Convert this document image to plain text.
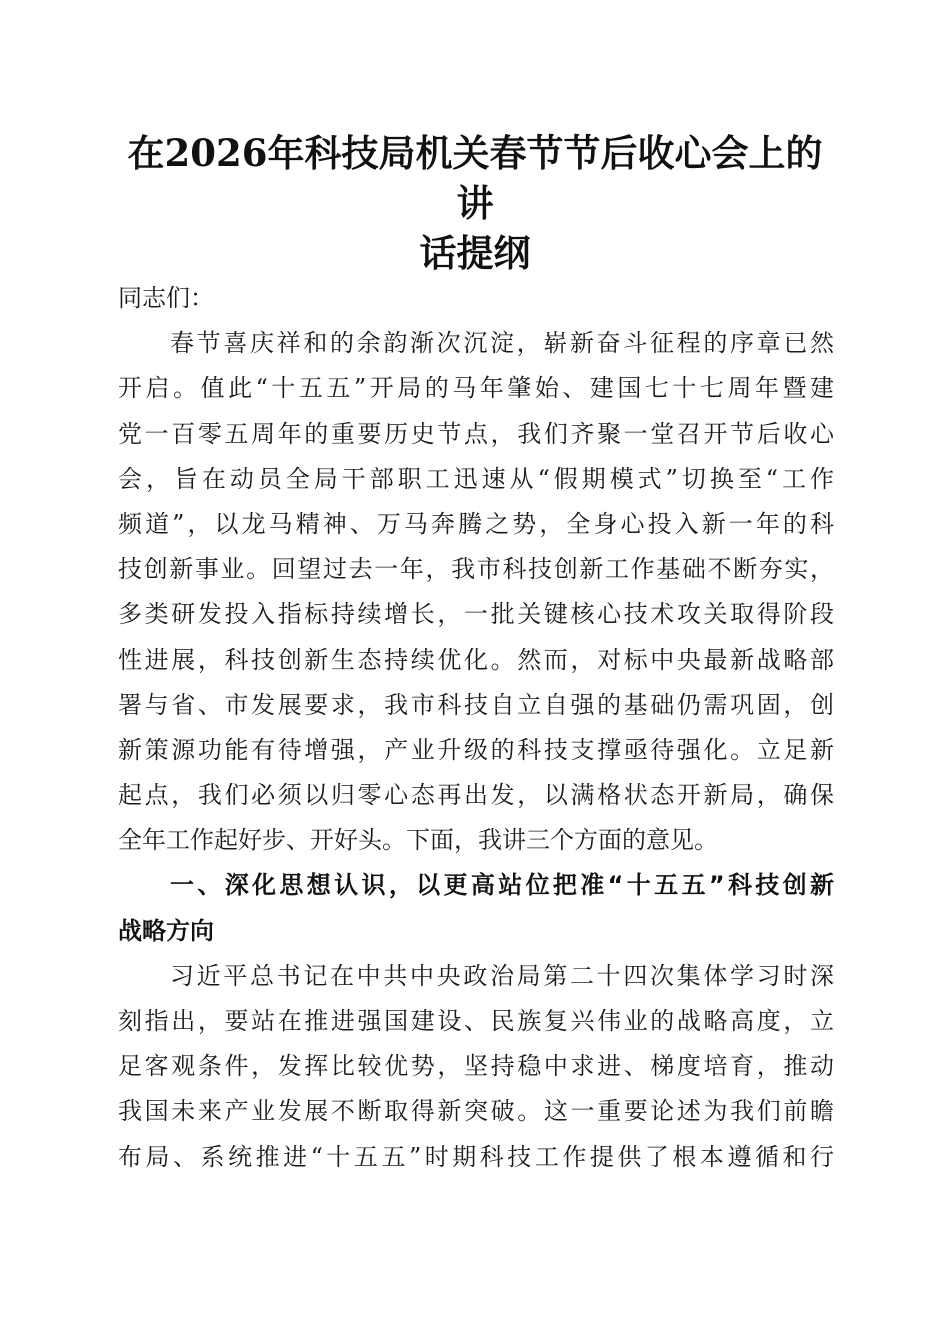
在2026年科技局机关春节节后收心会上的讲
话提纲
同志们：
春节喜庆祥和的余韵渐次沉淀，崭新奋斗征程的序章已然
开启。值此“十五五”开局的马年肇始、建国七十七周年暨建
党一百零五周年的重要历史节点，我们齐聚一堂召开节后收心
会，旨在动员全局干部职工迅速从“假期模式”切换至“工作
频道”，以龙马精神、万马奔腾之势，全身心投入新一年的科
技创新事业。回望过去一年，我市科技创新工作基础不断夯实，
多类研发投入指标持续增长，一批关键核心技术攻关取得阶段
性进展，科技创新生态持续优化。然而，对标中央最新战略部
署与省、市发展要求，我市科技自立自强的基础仍需巩固，创
新策源功能有待增强，产业升级的科技支撑亟待强化。立足新
起点，我们必须以归零心态再出发，以满格状态开新局，确保
全年工作起好步、开好头。下面，我讲三个方面的意见。
一、深化思想认识，以更高站位把准“十五五”科技创新
战略方向
习近平总书记在中共中央政治局第二十四次集体学习时深
刻指出，要站在推进强国建设、民族复兴伟业的战略高度，立
足客观条件，发挥比较优势，坚持稳中求进、梯度培育，推动
我国未来产业发展不断取得新突破。这一重要论述为我们前瞻
布局、系统推进“十五五”时期科技工作提供了根本遵循和行
